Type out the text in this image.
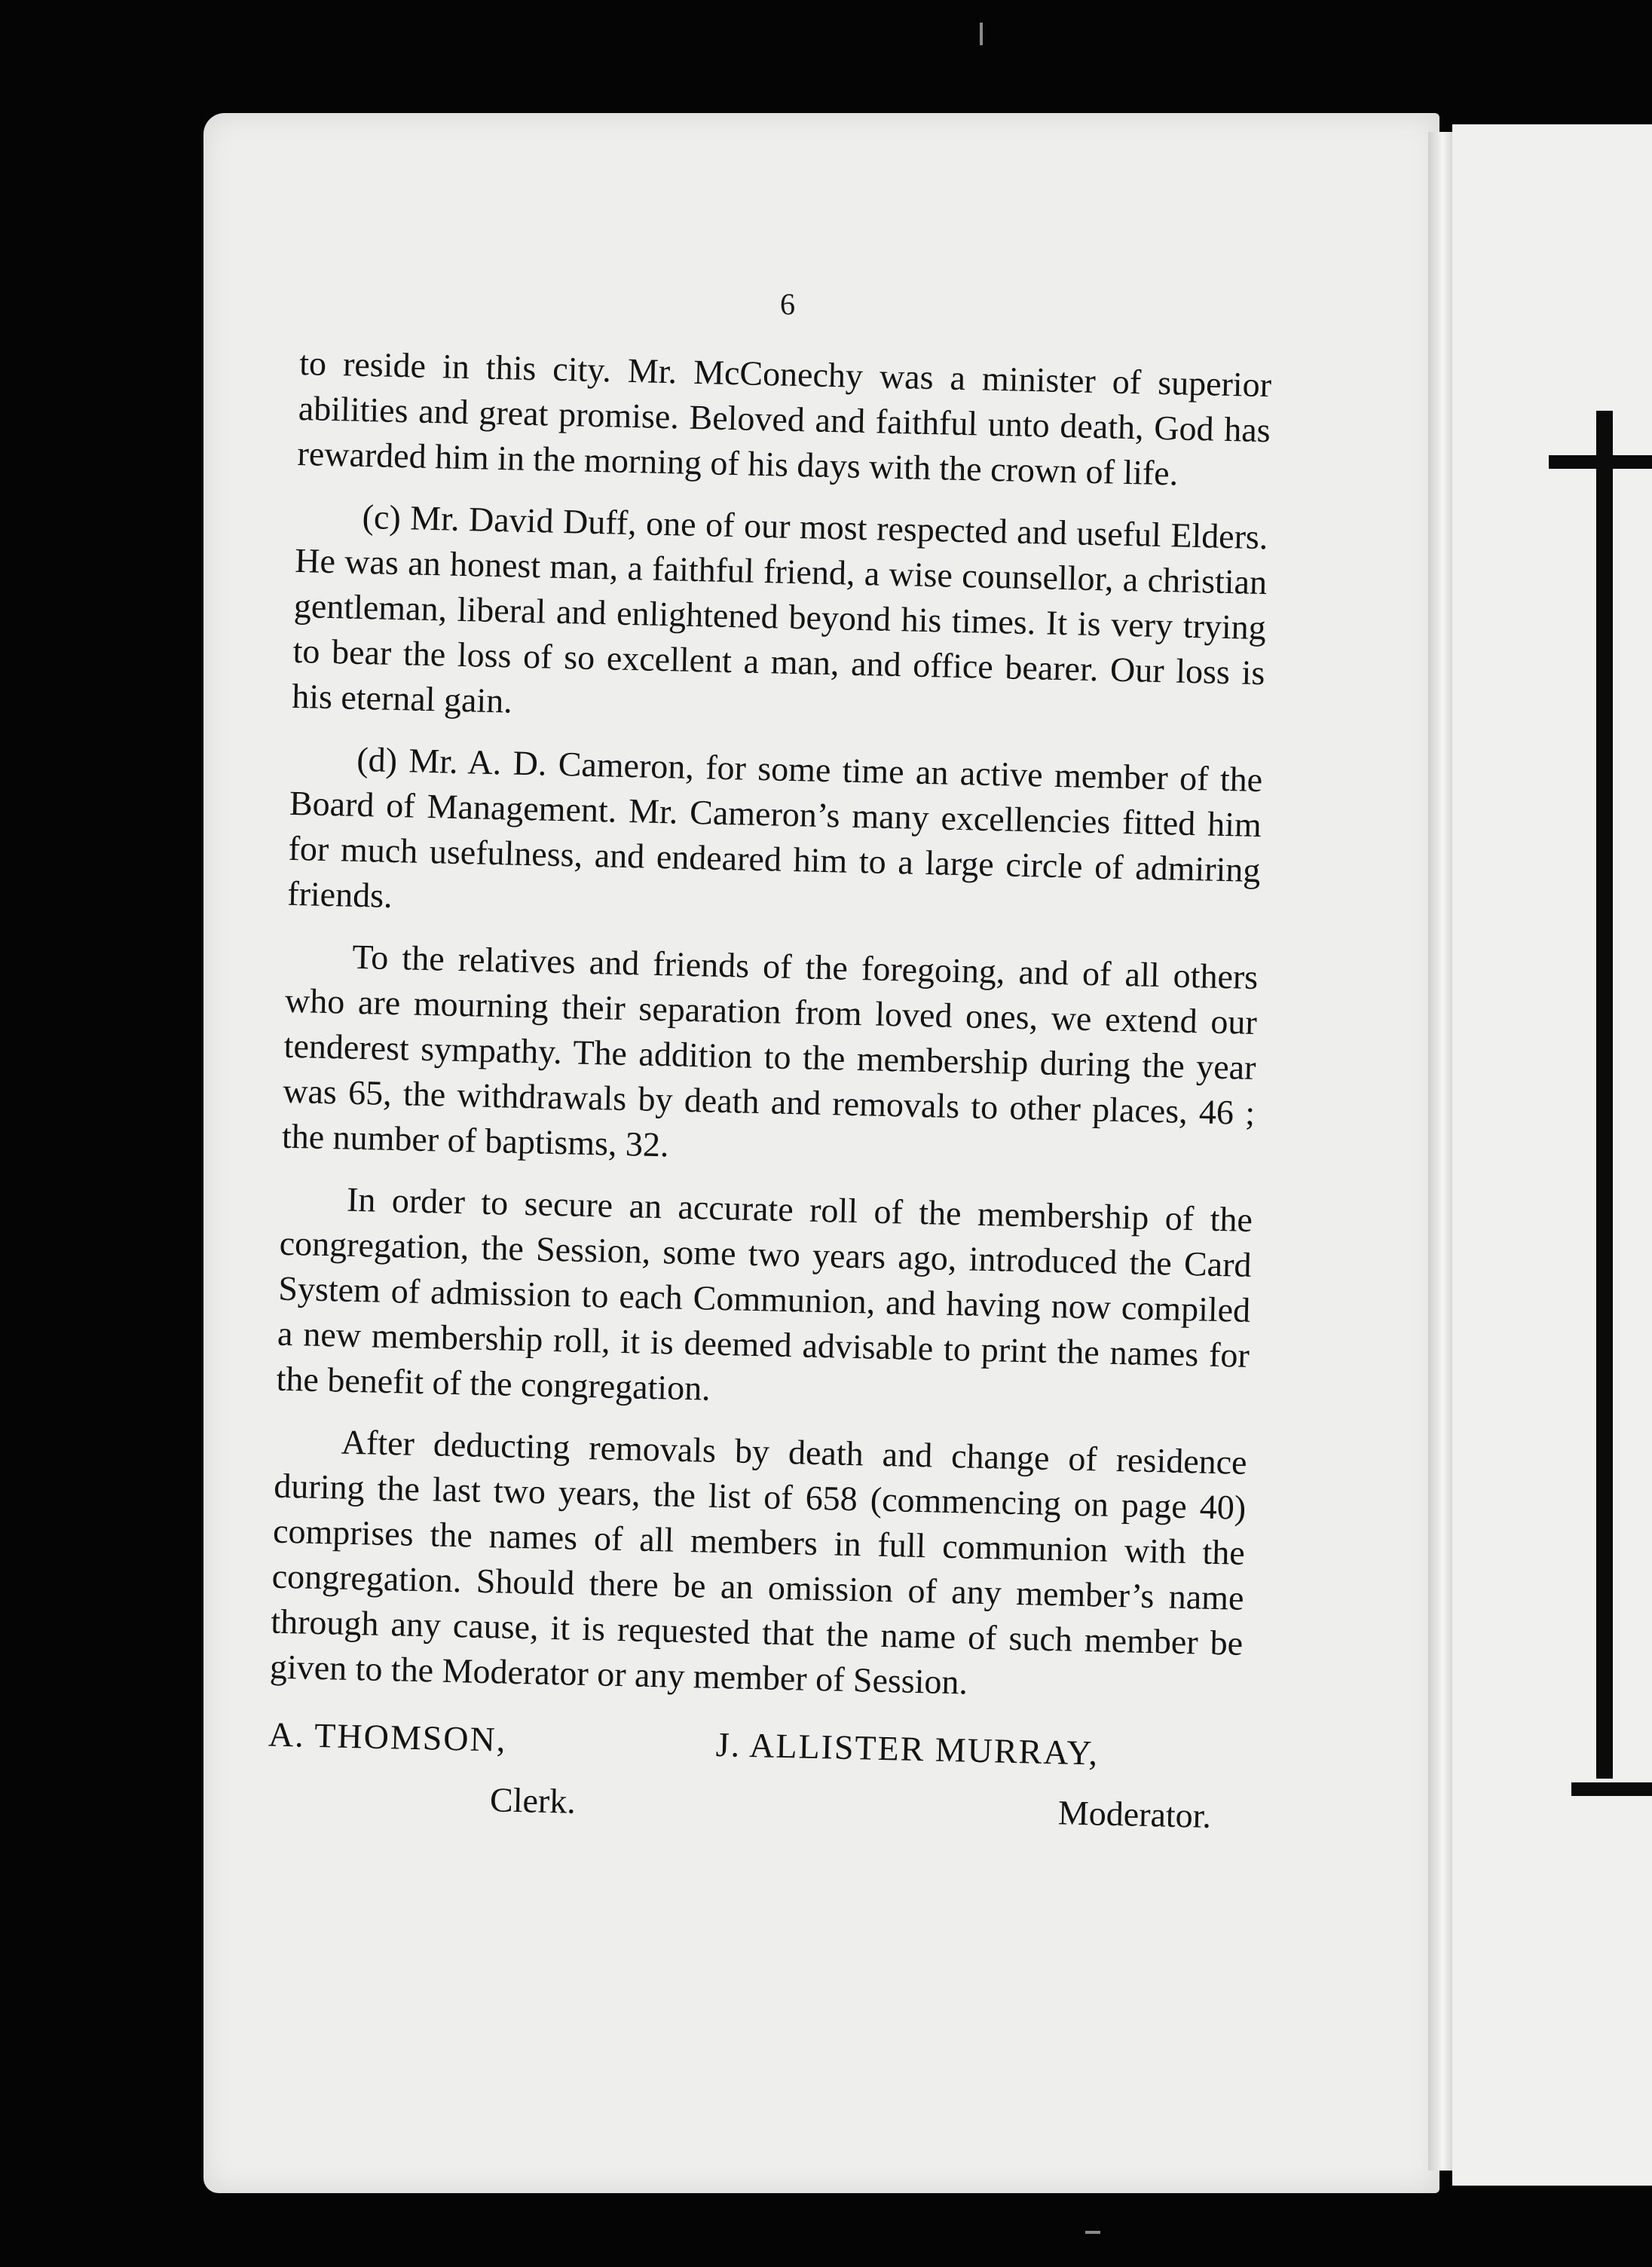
6

to reside in this city. Mr. McConechy was a minister of superior abilities and great promise. Beloved and faithful unto death, God has rewarded him in the morning of his days with the crown of life.

(c) Mr. David Duff, one of our most respected and useful Elders. He was an honest man, a faithful friend, a wise counsellor, a christian gentleman, liberal and enlightened beyond his times. It is very trying to bear the loss of so excellent a man, and office bearer. Our loss is his eternal gain.

(d) Mr. A. D. Cameron, for some time an active member of the Board of Management. Mr. Cameron’s many excellencies fitted him for much usefulness, and endeared him to a large circle of admiring friends.

To the relatives and friends of the foregoing, and of all others who are mourning their separation from loved ones, we extend our tenderest sympathy. The addition to the membership during the year was 65, the withdrawals by death and removals to other places, 46 ; the number of baptisms, 32.

In order to secure an accurate roll of the membership of the congregation, the Session, some two years ago, introduced the Card System of admission to each Communion, and having now compiled a new membership roll, it is deemed advisable to print the names for the benefit of the congregation.

After deducting removals by death and change of residence during the last two years, the list of 658 (commencing on page 40) comprises the names of all members in full communion with the congregation. Should there be an omission of any member’s name through any cause, it is requested that the name of such member be given to the Moderator or any member of Session.

A. THOMSON,
Clerk.
J. ALLISTER MURRAY,
Moderator.
